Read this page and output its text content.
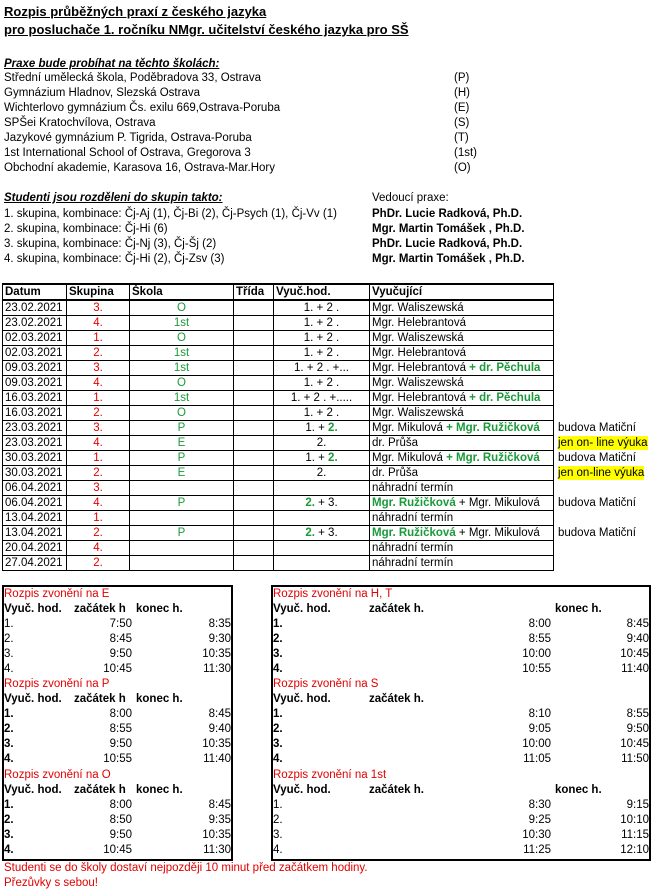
Rozpis průběžných praxí z českého jazyka
pro posluchače 1. ročníku NMgr. učitelství českého jazyka pro SŠ
Praxe bude probíhat na těchto školách:
Střední umělecká škola, Poděbradova 33, Ostrava	(P)
Gymnázium Hladnov, Slezská Ostrava	(H)
Wichterlovo gymnázium Čs. exilu 669,Ostrava-Poruba	(E)
SPŠei Kratochvílova, Ostrava	(S)
Jazykové gymnázium P. Tigrida, Ostrava-Poruba	(T)
1st International School of Ostrava, Gregorova 3	(1st)
Obchodní akademie, Karasova 16, Ostrava-Mar.Hory	(O)
Studenti jsou rozděleni do skupin takto:	Vedoucí praxe:
1. skupina, kombinace: Čj-Aj (1), Čj-Bi (2), Čj-Psych (1), Čj-Vv (1)	PhDr. Lucie Radková, Ph.D.
2. skupina, kombinace: Čj-Hi (6)	Mgr. Martin Tomášek , Ph.D.
3. skupina, kombinace: Čj-Nj (3), Čj-Šj (2)	PhDr. Lucie Radková, Ph.D.
4. skupina, kombinace: Čj-Hi (2), Čj-Zsv (3)	Mgr. Martin Tomášek , Ph.D.
Datum	Skupina	Škola	Třída	Vyuč.hod.	Vyučující
23.02.2021	3.	O		1. + 2 .	Mgr. Waliszewská
23.02.2021	4.	1st		1. + 2 .	Mgr. Helebrantová
02.03.2021	1.	O		1. + 2 .	Mgr. Waliszewská
02.03.2021	2.	1st		1. + 2 .	Mgr. Helebrantová
09.03.2021	3.	1st		1. + 2 . +...	Mgr. Helebrantová + dr. Pěchula
09.03.2021	4.	O		1. + 2 .	Mgr. Waliszewská
16.03.2021	1.	1st		1. + 2 . +.....	Mgr. Helebrantová + dr. Pěchula
16.03.2021	2.	O		1. + 2 .	Mgr. Waliszewská
23.03.2021	3.	P		1. + 2.	Mgr. Mikulová + Mgr. Ružičková budova Matiční

23.03.2021	4.	E		2.	dr. Průša jen on- line výuka

30.03.2021	1.	P		1. + 2.	Mgr. Mikulová + Mgr. Ružičková budova Matiční

30.03.2021	2.	E		2.	dr. Průša jen on-line výuka

06.04.2021	3.				náhradní termín
06.04.2021	4.	P		2. + 3.	Mgr. Ružičková + Mgr. Mikulová budova Matiční

13.04.2021	1.				náhradní termín
13.04.2021	2.	P		2. + 3.	Mgr. Ružičková + Mgr. Mikulová budova Matiční

20.04.2021	4.				náhradní termín
27.04.2021	2.				náhradní termín
Rozpis zvonění na E
Vyuč. hod.	začátek h	konec h.
1.	7:50	8:35
2.	8:45	9:30
3.	9:50	10:35
4.	10:45	11:30
Rozpis zvonění na H, T
Vyuč. hod.	začátek h.	konec h.
1.	8:00	8:45
2.	8:55	9:40
3.	10:00	10:45
4.	10:55	11:40
Rozpis zvonění na P
Vyuč. hod.	začátek h	konec h.
1.	8:00	8:45
2.	8:55	9:40
3.	9:50	10:35
4.	10:55	11:40
Rozpis zvonění na S
Vyuč. hod.	začátek h.	
1.	8:10	8:55
2.	9:05	9:50
3.	10:00	10:45
4.	11:05	11:50
Rozpis zvonění na O
Vyuč. hod.	začátek h	konec h.
1.	8:00	8:45
2.	8:50	9:35
3.	9:50	10:35
4.	10:45	11:30
Rozpis zvonění na 1st
Vyuč. hod.	začátek h.	konec h.
1.	8:30	9:15
2.	9:25	10:10
3.	10:30	11:15
4.	11:25	12:10
Studenti se do školy dostaví nejpozději 10 minut před začátkem hodiny.
Přezůvky s sebou!
